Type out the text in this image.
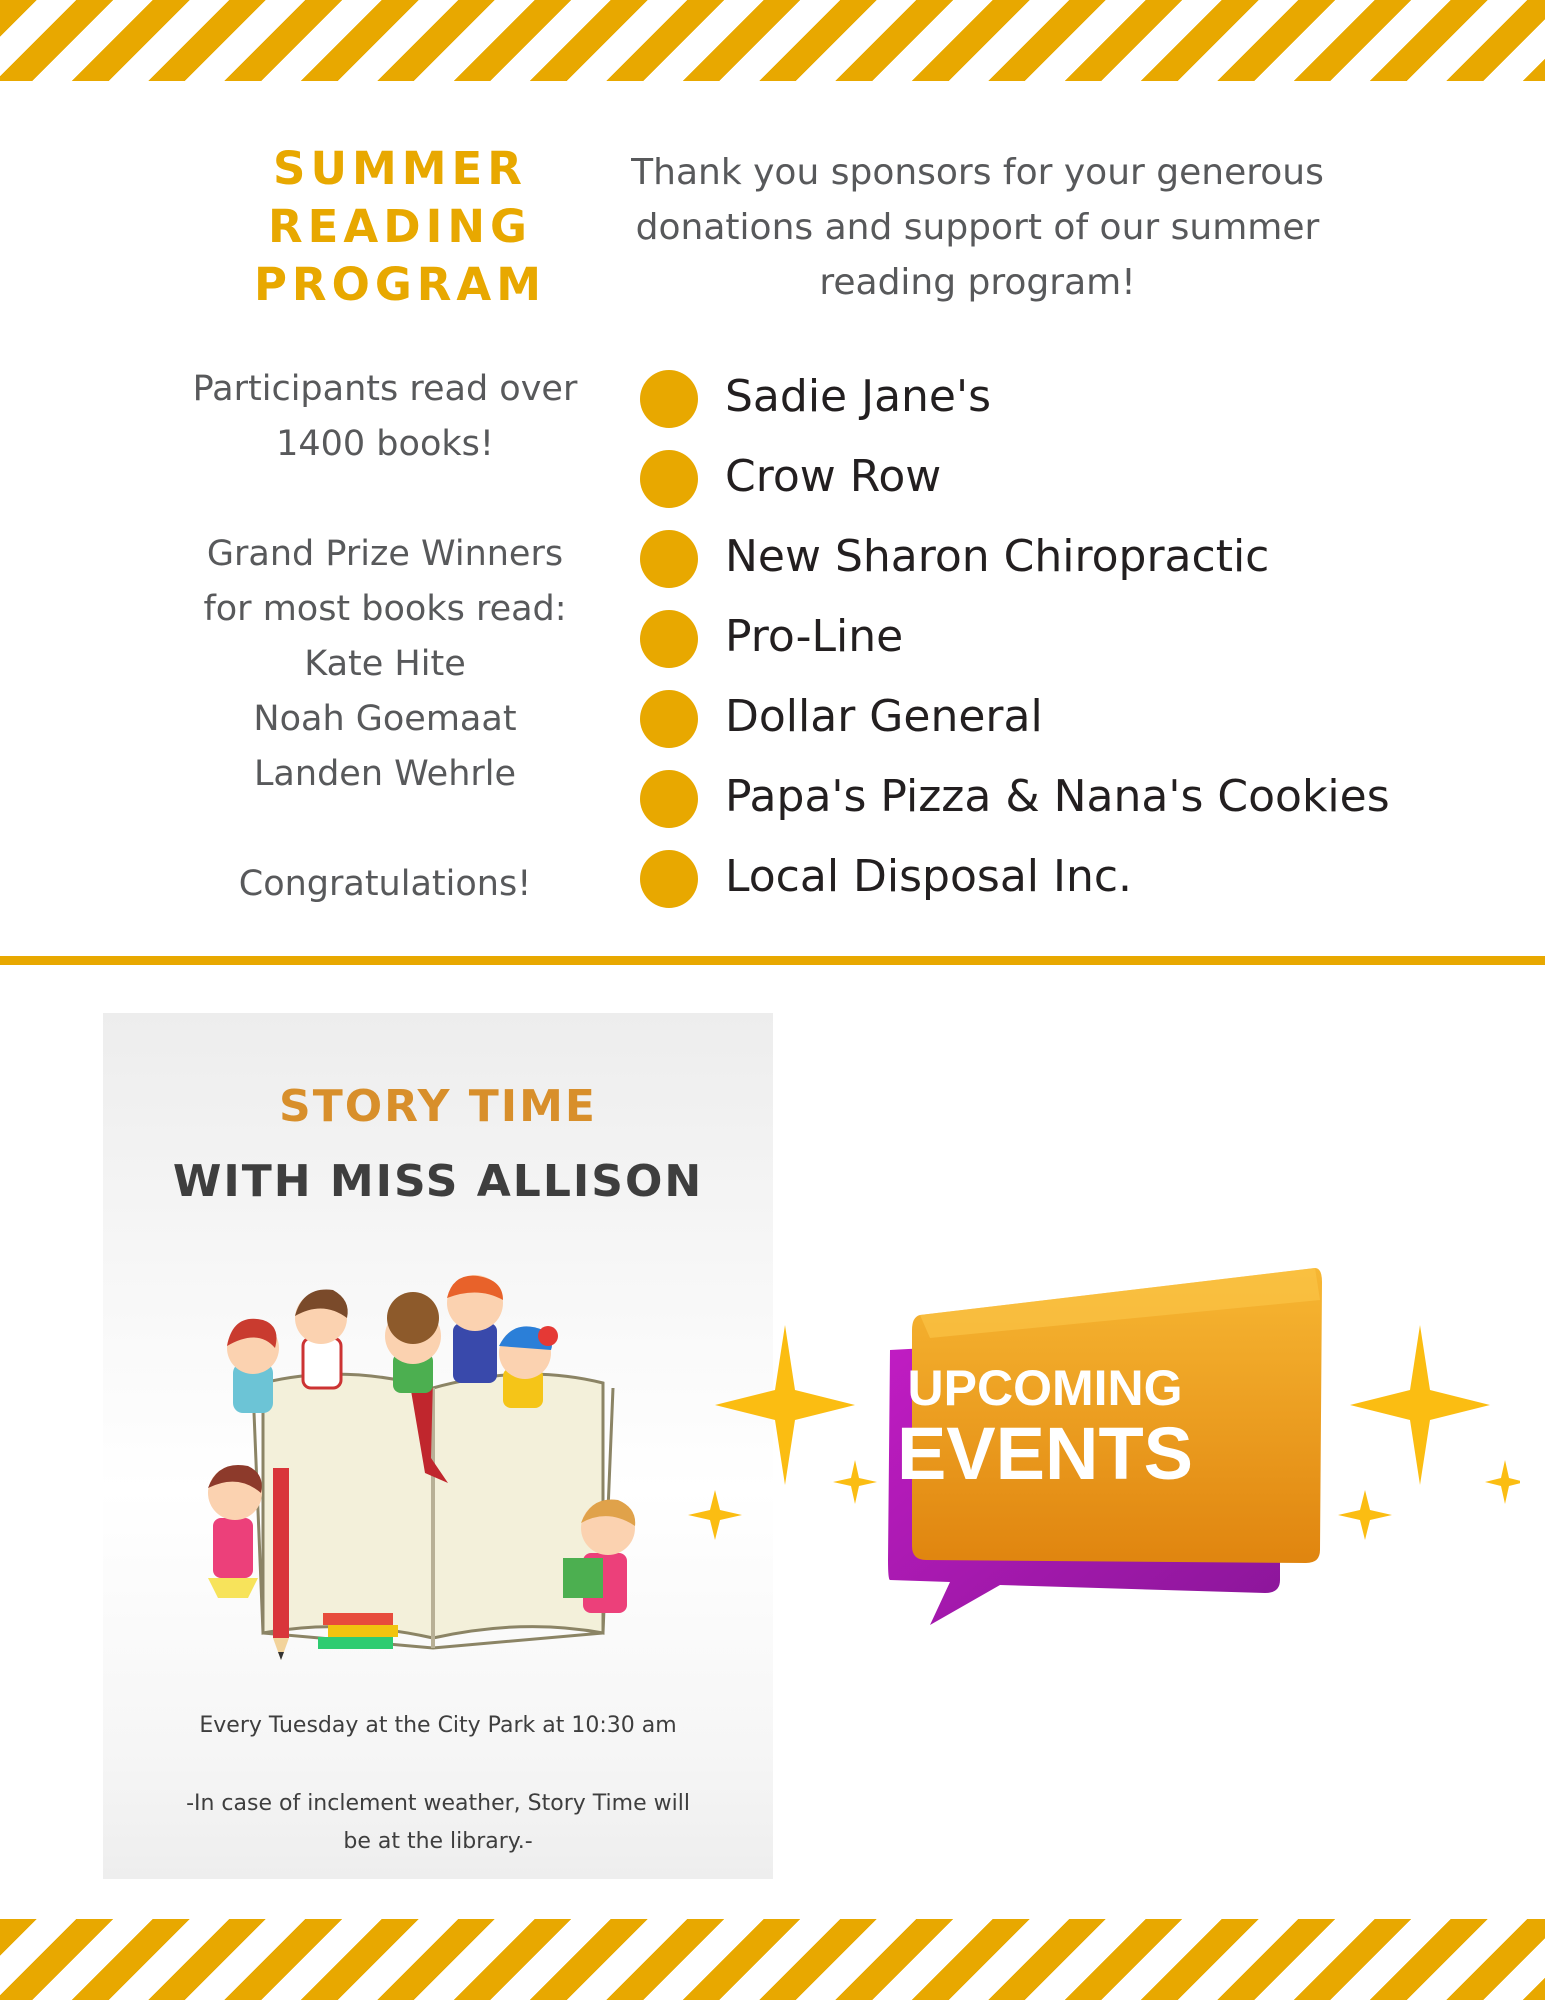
SUMMER
READING
PROGRAM
Thank you sponsors for your generous
donations and support of our summer
reading program!
Participants read over
1400 books!
Grand Prize Winners
for most books read:
Kate Hite
Noah Goemaat
Landen Wehrle
Congratulations!
Sadie Jane's
Crow Row
New Sharon Chiropractic
Pro-Line
Dollar General
Papa's Pizza & Nana's Cookies
Local Disposal Inc.
STORY TIME
WITH MISS ALLISON
Every Tuesday at the City Park at 10:30 am
-In case of inclement weather, Story Time will
be at the library.-
UPCOMING
EVENTS
